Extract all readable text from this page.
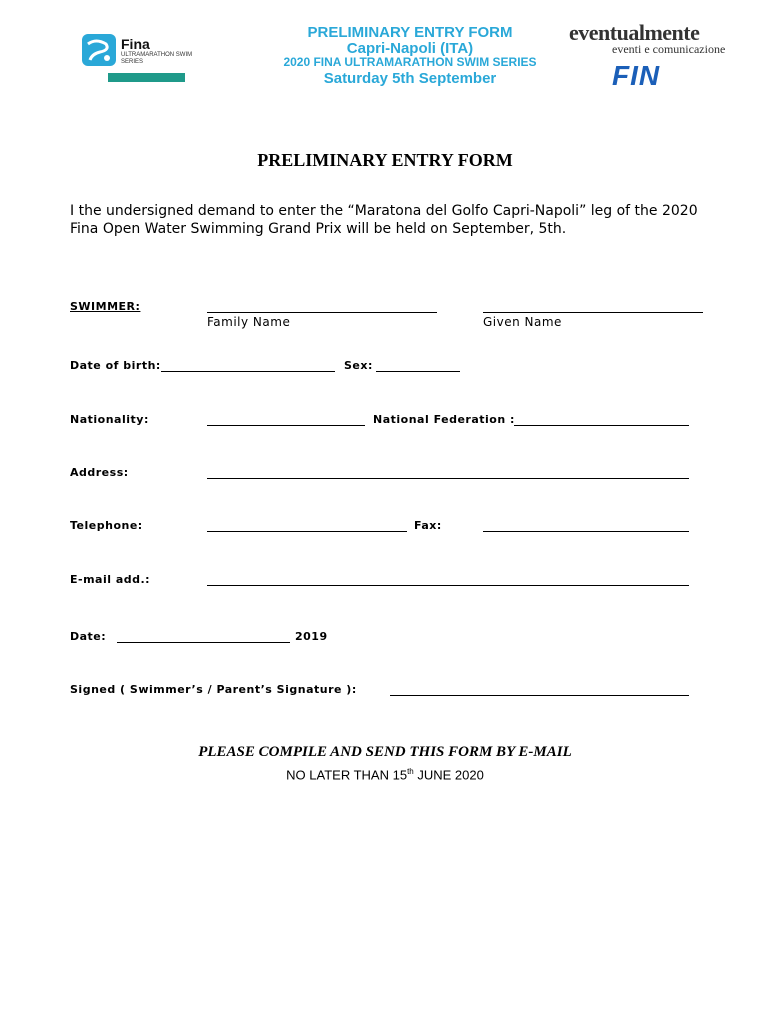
Fina
ULTRAMARATHON SWIM SERIES
PRELIMINARY ENTRY FORM
Capri-Napoli (ITA)
2020 FINA ULTRAMARATHON SWIM SERIES
Saturday 5th September
eventualmente
eventi e comunicazione
FIN
PRELIMINARY ENTRY FORM
I the undersigned demand to enter the “Maratona del Golfo Capri-Napoli” leg of the 2020 Fina Open Water Swimming Grand Prix will be held on September, 5th.
SWIMMER:
Family Name	Given Name
Date of birth:	Sex:
Nationality:	National Federation :
Address:
Telephone:	Fax:
E-mail add.:
Date:	2019
Signed ( Swimmer’s / Parent’s Signature ):
PLEASE COMPILE AND SEND THIS FORM BY E-MAIL
NO LATER THAN 15th JUNE 2020
